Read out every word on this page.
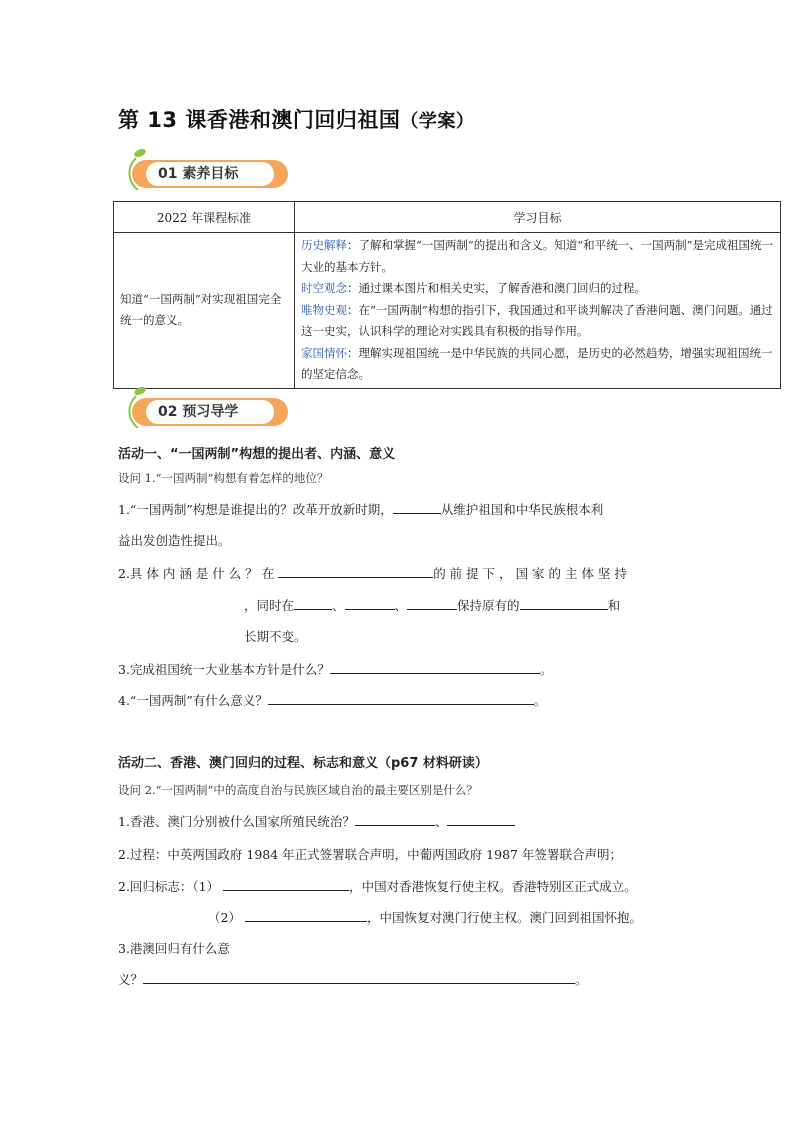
第 13 课香港和澳门回归祖国（学案）
01 素养目标
2022 年课程标准	学习目标
知道“一国两制”对实现祖国完全统一的意义。	历史解释：了解和掌握“一国两制”的提出和含义。知道“和平统一、一国两制”是完成祖国统一大业的基本方针。
时空观念：通过课本图片和相关史实，了解香港和澳门回归的过程。
唯物史观：在“一国两制”构想的指引下，我国通过和平谈判解决了香港问题、澳门问题。通过这一史实，认识科学的理论对实践具有积极的指导作用。
家国情怀：理解实现祖国统一是中华民族的共同心愿，是历史的必然趋势，增强实现祖国统一的坚定信念。
02 预习导学
活动一、“一国两制”构想的提出者、内涵、意义
设问 1.“一国两制”构想有着怎样的地位？
1.“一国两制”构想是谁提出的？改革开放新时期，	从维护祖国和中华民族根本利
益出发创造性提出。
2.具 体 内 涵 是 什 么 ？ 在	的 前 提 下 ， 国 家 的 主 体 坚 持
，同时在	、	、	保持原有的	和
长期不变。
3.完成祖国统一大业基本方针是什么？	。
4.“一国两制”有什么意义？	。
活动二、香港、澳门回归的过程、标志和意义（p67 材料研读）
设问 2.“一国两制”中的高度自治与民族区域自治的最主要区别是什么？
1.香港、澳门分别被什么国家所殖民统治？	、
2.过程：中英两国政府 1984 年正式签署联合声明，中葡两国政府 1987 年签署联合声明；
2.回归标志：（1）	，中国对香港恢复行使主权。香港特别区正式成立。
（2）	，中国恢复对澳门行使主权。澳门回到祖国怀抱。
3.港澳回归有什么意
义？	。
